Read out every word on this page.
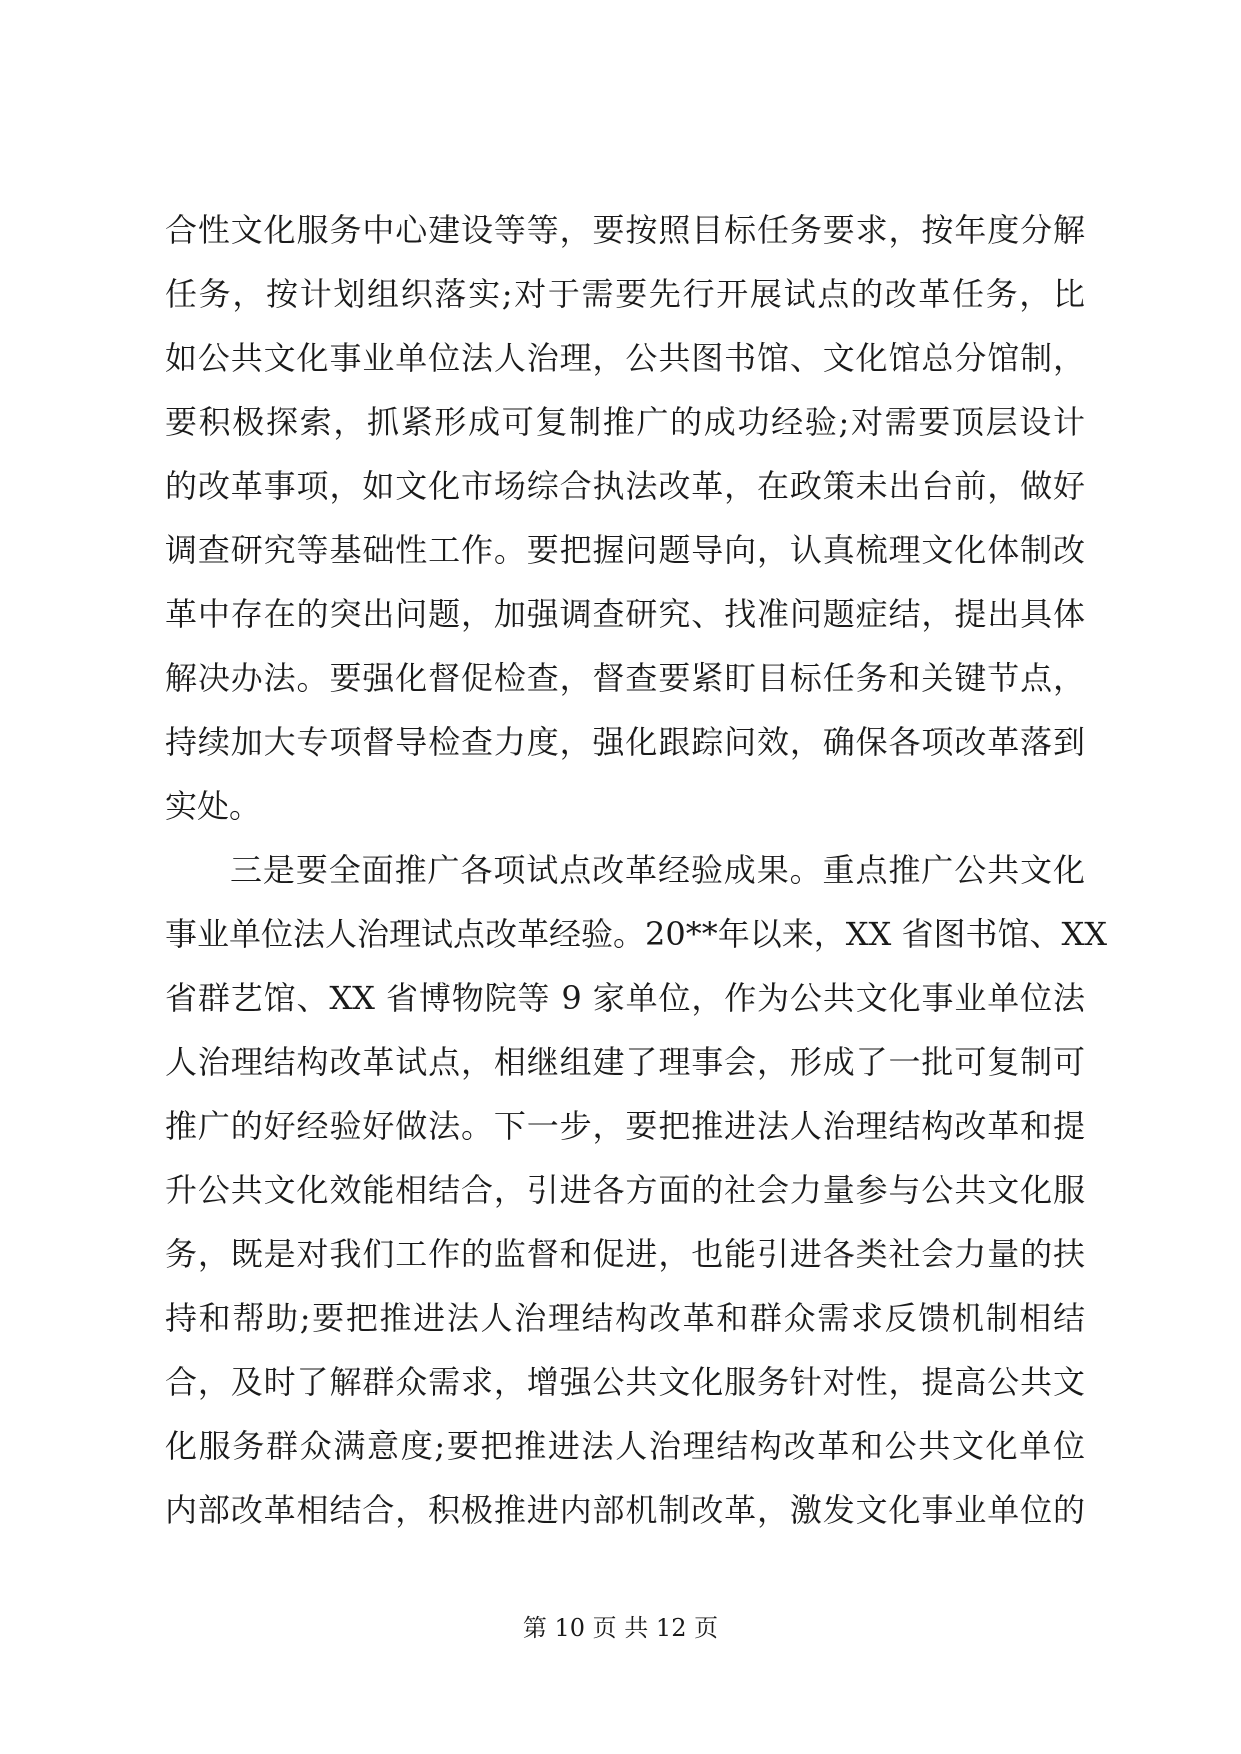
合性文化服务中心建设等等，要按照目标任务要求，按年度分解
任务，按计划组织落实;对于需要先行开展试点的改革任务，比
如公共文化事业单位法人治理，公共图书馆、文化馆总分馆制，
要积极探索，抓紧形成可复制推广的成功经验;对需要顶层设计
的改革事项，如文化市场综合执法改革，在政策未出台前，做好
调查研究等基础性工作。要把握问题导向，认真梳理文化体制改
革中存在的突出问题，加强调查研究、找准问题症结，提出具体
解决办法。要强化督促检查，督查要紧盯目标任务和关键节点，
持续加大专项督导检查力度，强化跟踪问效，确保各项改革落到
实处。
三是要全面推广各项试点改革经验成果。重点推广公共文化
事业单位法人治理试点改革经验。20**年以来，XX 省图书馆、XX
省群艺馆、XX 省博物院等 9 家单位，作为公共文化事业单位法
人治理结构改革试点，相继组建了理事会，形成了一批可复制可
推广的好经验好做法。下一步，要把推进法人治理结构改革和提
升公共文化效能相结合，引进各方面的社会力量参与公共文化服
务，既是对我们工作的监督和促进，也能引进各类社会力量的扶
持和帮助;要把推进法人治理结构改革和群众需求反馈机制相结
合，及时了解群众需求，增强公共文化服务针对性，提高公共文
化服务群众满意度;要把推进法人治理结构改革和公共文化单位
内部改革相结合，积极推进内部机制改革，激发文化事业单位的
第 10 页 共 12 页
